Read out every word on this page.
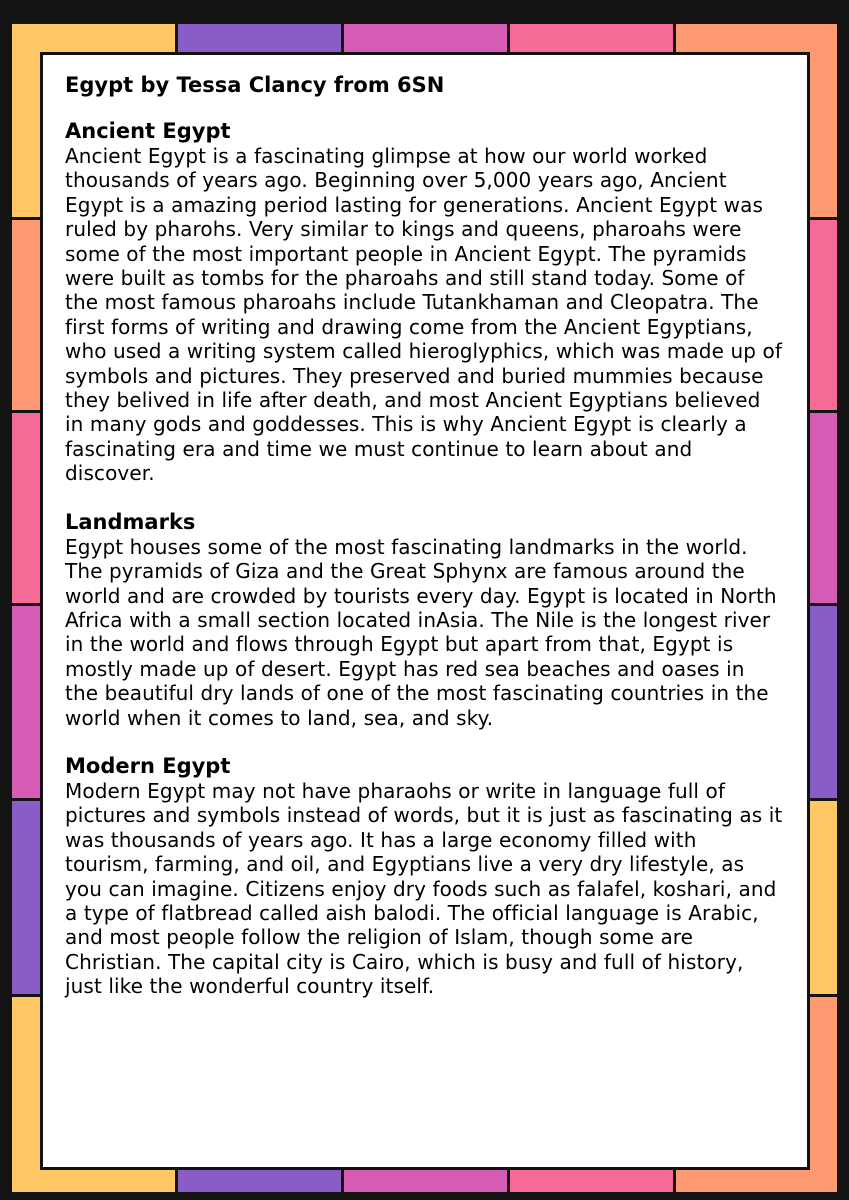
Egypt by Tessa Clancy from 6SN
Ancient Egypt

Ancient Egypt is a fascinating glimpse at how our world worked thousands of years ago. Beginning over 5,000 years ago, Ancient Egypt is a amazing period lasting for generations. Ancient Egypt was ruled by pharohs. Very similar to kings and queens, pharoahs were some of the most important people in Ancient Egypt. The pyramids were built as tombs for the pharoahs and still stand today. Some of the most famous pharoahs include Tutankhaman and Cleopatra. The first forms of writing and drawing come from the Ancient Egyptians, who used a writing system called hieroglyphics, which was made up of symbols and pictures. They preserved and buried mummies because they belived in life after death, and most Ancient Egyptians believed in many gods and goddesses. This is why Ancient Egypt is clearly a fascinating era and time we must continue to learn about and discover.

Landmarks

Egypt houses some of the most fascinating landmarks in the world. The pyramids of Giza and the Great Sphynx are famous around the world and are crowded by tourists every day. Egypt is located in North Africa with a small section located inAsia. The Nile is the longest river in the world and flows through Egypt but apart from that, Egypt is mostly made up of desert. Egypt has red sea beaches and oases in the beautiful dry lands of one of the most fascinating countries in the world when it comes to land, sea, and sky.

Modern Egypt

Modern Egypt may not have pharaohs or write in language full of pictures and symbols instead of words, but it is just as fascinating as it was thousands of years ago. It has a large economy filled with tourism, farming, and oil, and Egyptians live a very dry lifestyle, as you can imagine. Citizens enjoy dry foods such as falafel, koshari, and a type of flatbread called aish balodi. The official language is Arabic, and most people follow the religion of Islam, though some are Christian. The capital city is Cairo, which is busy and full of history, just like the wonderful country itself.
